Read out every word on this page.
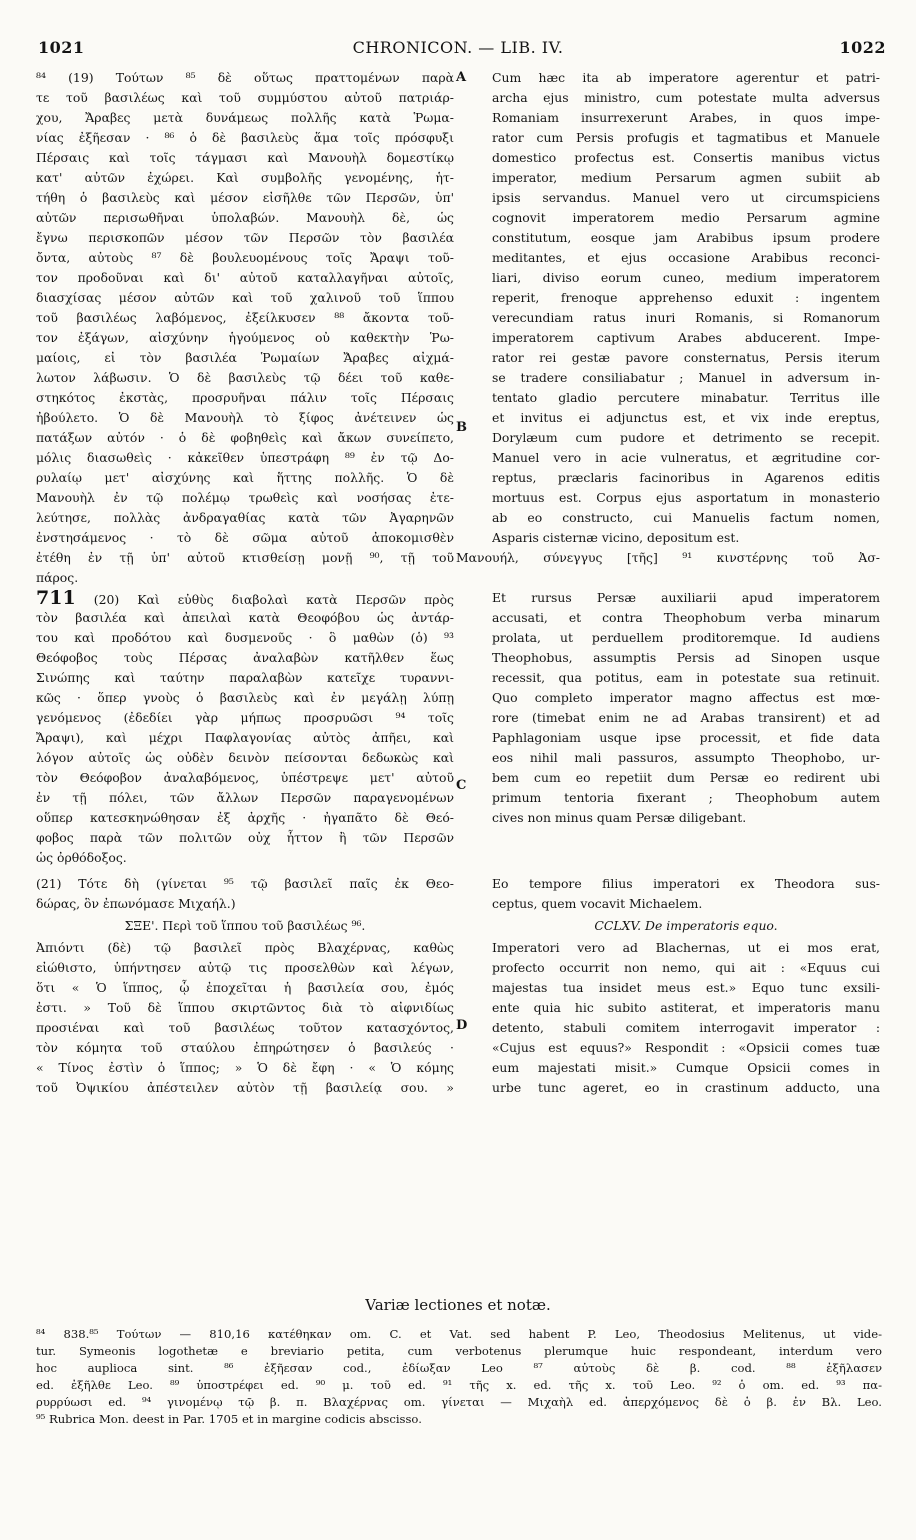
1021	CHRONICON. — LIB. IV.	1022
A
B
C
D
⁸⁴ (19) Τούτων ⁸⁵ δὲ οὕτως πραττομένων παρὰ
τε τοῦ βασιλέως καὶ τοῦ συμμύστου αὐτοῦ πατριάρ-
χου, Ἄραβες μετὰ δυνάμεως πολλῆς κατὰ Ῥωμα-
νίας ἐξῆεσαν · ⁸⁶ ὁ δὲ βασιλεὺς ἅμα τοῖς πρόσφυξι
Πέρσαις καὶ τοῖς τάγμασι καὶ Μανουὴλ δομεστίκῳ
κατ' αὐτῶν ἐχώρει. Καὶ συμβολῆς γενομένης, ἡτ-
τήθη ὁ βασιλεὺς καὶ μέσον εἰσῆλθε τῶν Περσῶν, ὑπ'
αὐτῶν περισωθῆναι ὑπολαβών. Μανουὴλ δὲ, ὡς
ἔγνω περισκοπῶν μέσον τῶν Περσῶν τὸν βασιλέα
ὄντα, αὐτοὺς ⁸⁷ δὲ βουλευομένους τοῖς Ἄραψι τοῦ-
τον προδοῦναι καὶ δι' αὐτοῦ καταλλαγῆναι αὐτοῖς,
διασχίσας μέσον αὐτῶν καὶ τοῦ χαλινοῦ τοῦ ἵππου
τοῦ βασιλέως λαβόμενος, ἐξείλκυσεν ⁸⁸ ἄκοντα τοῦ-
τον ἐξάγων, αἰσχύνην ἡγούμενος οὐ καθεκτὴν Ῥω-
μαίοις, εἰ τὸν βασιλέα Ῥωμαίων Ἄραβες αἰχμά-
λωτον λάβωσιν. Ὁ δὲ βασιλεὺς τῷ δέει τοῦ καθε-
στηκότος ἐκστὰς, προσρυῆναι πάλιν τοῖς Πέρσαις
ἠβούλετο. Ὁ δὲ Μανουὴλ τὸ ξίφος ἀνέτεινεν ὡς
πατάξων αὐτόν · ὁ δὲ φοβηθεὶς καὶ ἄκων συνείπετο,
μόλις διασωθεὶς · κἀκεῖθεν ὑπεστράφη ⁸⁹ ἐν τῷ Δο-
ρυλαίῳ μετ' αἰσχύνης καὶ ἥττης πολλῆς. Ὁ δὲ
Μανουὴλ ἐν τῷ πολέμῳ τρωθεὶς καὶ νοσήσας ἐτε-
λεύτησε, πολλὰς ἀνδραγαθίας κατὰ τῶν Ἀγαρηνῶν
ἐνστησάμενος · τὸ δὲ σῶμα αὐτοῦ ἀποκομισθὲν
ἐτέθη ἐν τῇ ὑπ' αὐτοῦ κτισθείσῃ μονῇ ⁹⁰, τῇ τοῦ
πάρος.
711 (20) Καὶ εὐθὺς διαβολαὶ κατὰ Περσῶν πρὸς
τὸν βασιλέα καὶ ἀπειλαὶ κατὰ Θεοφόβου ὡς ἀντάρ-
του καὶ προδότου καὶ δυσμενοῦς · ὃ μαθὼν (ὁ) ⁹³
Θεόφοβος τοὺς Πέρσας ἀναλαβὼν κατῆλθεν ἕως
Σινώπης καὶ ταύτην παραλαβὼν κατεῖχε τυραννι-
κῶς · ὅπερ γνοὺς ὁ βασιλεὺς καὶ ἐν μεγάλῃ λύπῃ
γενόμενος (ἐδεδίει γὰρ μήπως προσρυῶσι ⁹⁴ τοῖς
Ἄραψι), καὶ μέχρι Παφλαγονίας αὐτὸς ἀπῆει, καὶ
λόγον αὐτοῖς ὡς οὐδὲν δεινὸν πείσονται δεδωκὼς καὶ
τὸν Θεόφοβον ἀναλαβόμενος, ὑπέστρεψε μετ' αὐτοῦ
ἐν τῇ πόλει, τῶν ἄλλων Περσῶν παραγενομένων
οὕπερ κατεσκηνώθησαν ἐξ ἀρχῆς · ἠγαπᾶτο δὲ Θεό-
φοβος παρὰ τῶν πολιτῶν οὐχ ἧττον ἢ τῶν Περσῶν
ὡς ὀρθόδοξος.
(21) Τότε δὴ (γίνεται ⁹⁵ τῷ βασιλεῖ παῖς ἐκ Θεο-
δώρας, ὃν ἐπωνόμασε Μιχαήλ.)
ΣΞΕ'. Περὶ τοῦ ἵππου τοῦ βασιλέως ⁹⁶.
Ἀπιόντι (δὲ) τῷ βασιλεῖ πρὸς Βλαχέρνας, καθὼς
εἰώθιστο, ὑπήντησεν αὐτῷ τις προσελθὼν καὶ λέγων,
ὅτι « Ὁ ἵππος, ᾧ ἐποχεῖται ἡ βασιλεία σου, ἐμός
ἐστι. » Τοῦ δὲ ἵππου σκιρτῶντος διὰ τὸ αἰφνιδίως
προσιέναι καὶ τοῦ βασιλέως τοῦτον κατασχόντος,
τὸν κόμητα τοῦ σταύλου ἐπηρώτησεν ὁ βασιλεύς ·
« Τίνος ἐστὶν ὁ ἵππος; » Ὁ δὲ ἔφη · « Ὁ κόμης
τοῦ Ὀψικίου ἀπέστειλεν αὐτὸν τῇ βασιλείᾳ σου. »
Cum hæc ita ab imperatore agerentur et patri-
archa ejus ministro, cum potestate multa adversus
Romaniam insurrexerunt Arabes, in quos impe-
rator cum Persis profugis et tagmatibus et Manuele
domestico profectus est. Consertis manibus victus
imperator, medium Persarum agmen subiit ab
ipsis servandus. Manuel vero ut circumspiciens
cognovit imperatorem medio Persarum agmine
constitutum, eosque jam Arabibus ipsum prodere
meditantes, et ejus occasione Arabibus reconci-
liari, diviso eorum cuneo, medium imperatorem
reperit, frenoque apprehenso eduxit : ingentem
verecundiam ratus inuri Romanis, si Romanorum
imperatorem captivum Arabes abducerent. Impe-
rator rei gestæ pavore consternatus, Persis iterum
se tradere consiliabatur ; Manuel in adversum in-
tentato gladio percutere minabatur. Territus ille
et invitus ei adjunctus est, et vix inde ereptus,
Dorylæum cum pudore et detrimento se recepit.
Manuel vero in acie vulneratus, et ægritudine cor-
reptus, præclaris facinoribus in Agarenos editis
mortuus est. Corpus ejus asportatum in monasterio
ab eo constructo, cui Manuelis factum nomen,
Asparis cisternæ vicino, depositum est.
Μανουήλ, σύνεγγυς [τῆς] ⁹¹ κινστέρνης τοῦ Ἀσ-
Et rursus Persæ auxiliarii apud imperatorem
accusati, et contra Theophobum verba minarum
prolata, ut perduellem proditoremque. Id audiens
Theophobus, assumptis Persis ad Sinopen usque
recessit, qua potitus, eam in potestate sua retinuit.
Quo completo imperator magno affectus est mœ-
rore (timebat enim ne ad Arabas transirent) et ad
Paphlagoniam usque ipse processit, et fide data
eos nihil mali passuros, assumpto Theophobo, ur-
bem cum eo repetiit dum Persæ eo redirent ubi
primum tentoria fixerant ; Theophobum autem
cives non minus quam Persæ diligebant.
Eo tempore filius imperatori ex Theodora sus-
ceptus, quem vocavit Michaelem.
CCLXV. De imperatoris equo.
Imperatori vero ad Blachernas, ut ei mos erat,
profecto occurrit non nemo, qui ait : «Equus cui
majestas tua insidet meus est.» Equo tunc exsili-
ente quia hic subito astiterat, et imperatoris manu
detento, stabuli comitem interrogavit imperator :
«Cujus est equus?» Respondit : «Opsicii comes tuæ
eum majestati misit.» Cumque Opsicii comes in
urbe tunc ageret, eo in crastinum adducto, una
Variæ lectiones et notæ.
⁸⁴ 838.⁸⁵ Τούτων — 810,16 κατέθηκαν om. C. et Vat. sed habent P. Leo, Theodosius Melitenus, ut vide-
tur. Symeonis logothetæ e breviario petita, cum verbotenus plerumque huic respondeant, interdum vero
hoc auplioca sint. ⁸⁶ ἐξῆεσαν cod., ἐδίωξαν Leo ⁸⁷ αὐτοὺς δὲ β. cod. ⁸⁸ ἐξῆλασεν
ed. ἐξῆλθε Leo. ⁸⁹ ὑποστρέφει ed. ⁹⁰ μ. τοῦ ed. ⁹¹ τῆς x. ed. τῆς x. τοῦ Leo. ⁹² ὁ om. ed. ⁹³ πα-
ρυρρύωσι ed. ⁹⁴ γινομένῳ τῷ β. π. Βλαχέρνας om. γίνεται — Μιχαὴλ ed. ἀπερχόμενος δὲ ὁ β. ἐν Βλ. Leo.
⁹⁵ Rubrica Mon. deest in Par. 1705 et in margine codicis abscisso.
